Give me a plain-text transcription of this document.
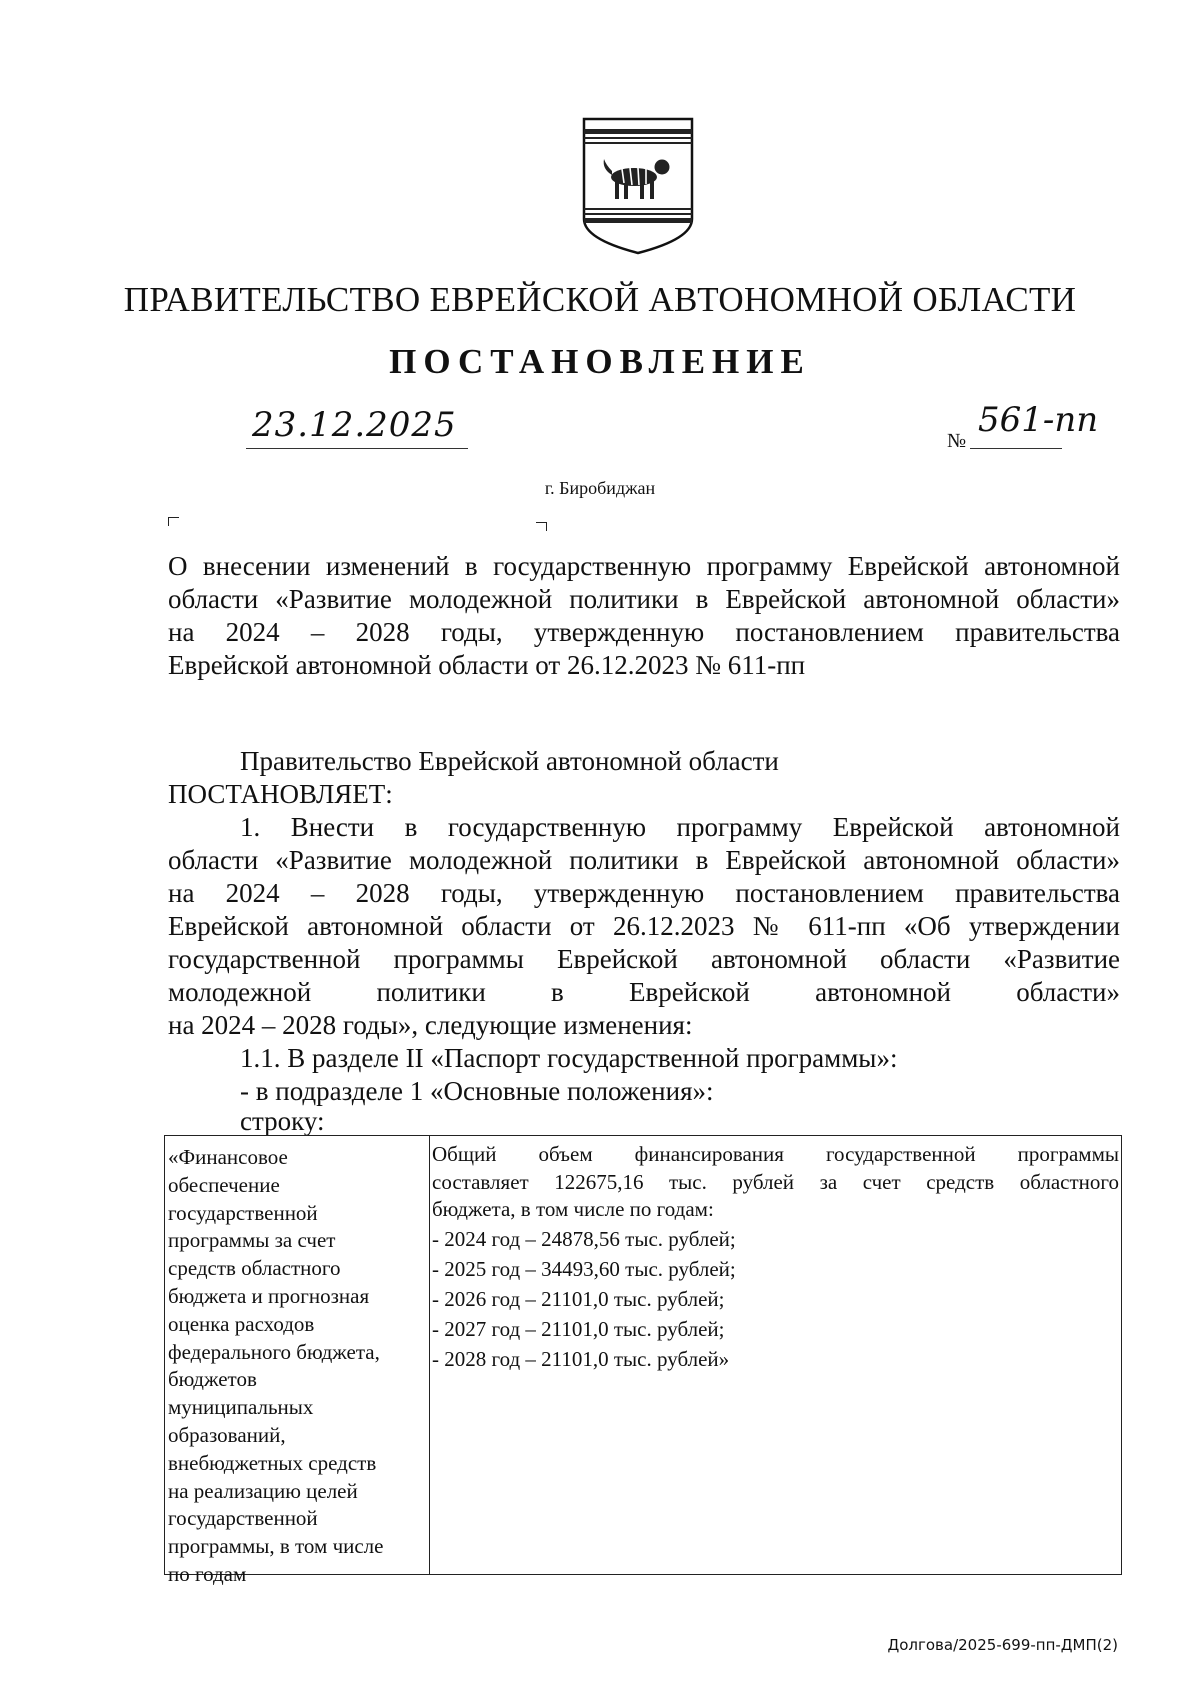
ПРАВИТЕЛЬСТВО ЕВРЕЙСКОЙ АВТОНОМНОЙ ОБЛАСТИ
ПОСТАНОВЛЕНИЕ
23.12.2025	№
561-пп
г. Биробиджан
О внесении изменений в государственную программу Еврейской автономной
области «Развитие молодежной политики в Еврейской автономной области»
на 2024 – 2028 годы, утвержденную постановлением правительства
Еврейской автономной области от 26.12.2023 № 611-пп
Правительство Еврейской автономной области
ПОСТАНОВЛЯЕТ:
1. Внести в государственную программу Еврейской автономной
области «Развитие молодежной политики в Еврейской автономной области»
на 2024 – 2028 годы, утвержденную постановлением правительства
Еврейской автономной области от 26.12.2023 № 611-пп «Об утверждении
государственной программы Еврейской автономной области «Развитие
молодежной политики в Еврейской автономной области»
на 2024 – 2028 годы», следующие изменения:
1.1. В разделе II «Паспорт государственной программы»:
- в подразделе 1 «Основные положения»:
строку:
«Финансовое
обеспечение
государственной
программы за счет
средств областного
бюджета и прогнозная
оценка расходов
федерального бюджета,
бюджетов
муниципальных
образований,
внебюджетных средств
на реализацию целей
государственной
программы, в том числе
по годам
Общий объем финансирования государственной программы
составляет 122675,16 тыс. рублей за счет средств областного
бюджета, в том числе по годам:
- 2024 год – 24878,56 тыс. рублей;
- 2025 год – 34493,60 тыс. рублей;
- 2026 год – 21101,0 тыс. рублей;
- 2027 год – 21101,0 тыс. рублей;
- 2028 год – 21101,0 тыс. рублей»
Долгова/2025-699-пп-ДМП(2)
